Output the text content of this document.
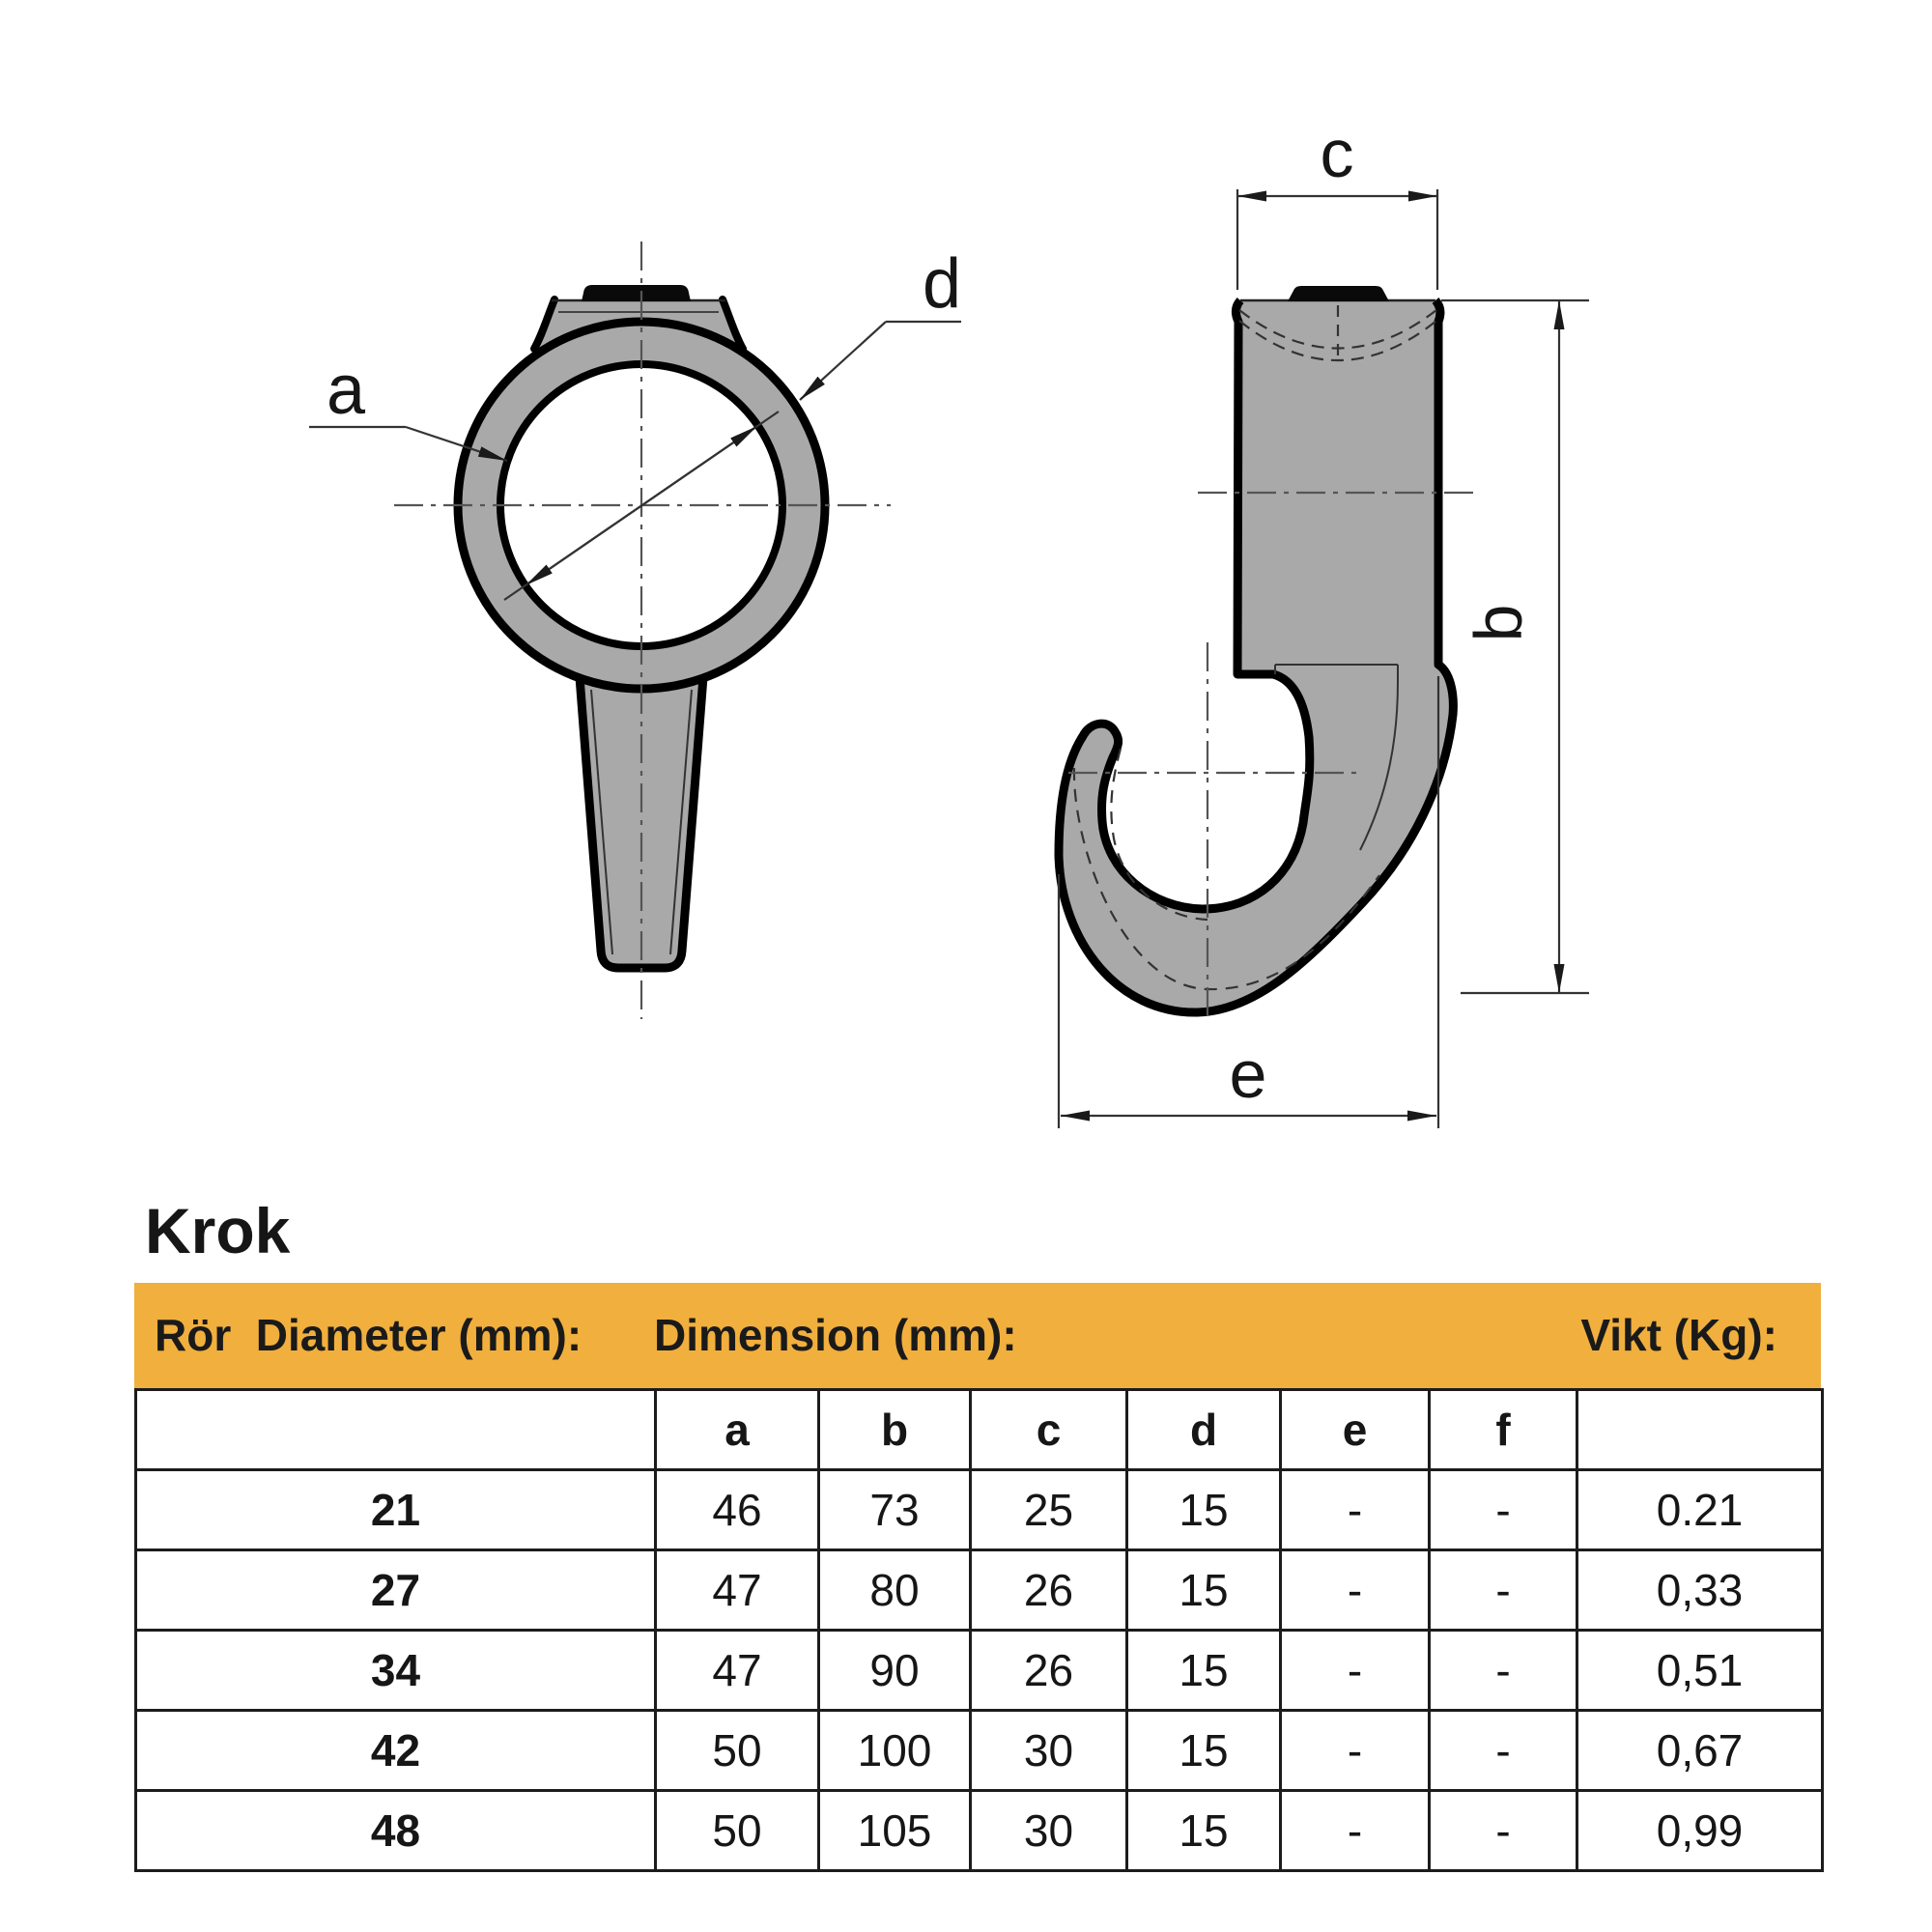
a
d
c
b
e
Krok
Rör  Diameter (mm): Dimension (mm):	Vikt (Kg):
	a	b	c	d	e	f	
21	46	73	25	15	-	-	0.21
27	47	80	26	15	-	-	0,33
34	47	90	26	15	-	-	0,51
42	50	100	30	15	-	-	0,67
48	50	105	30	15	-	-	0,99
